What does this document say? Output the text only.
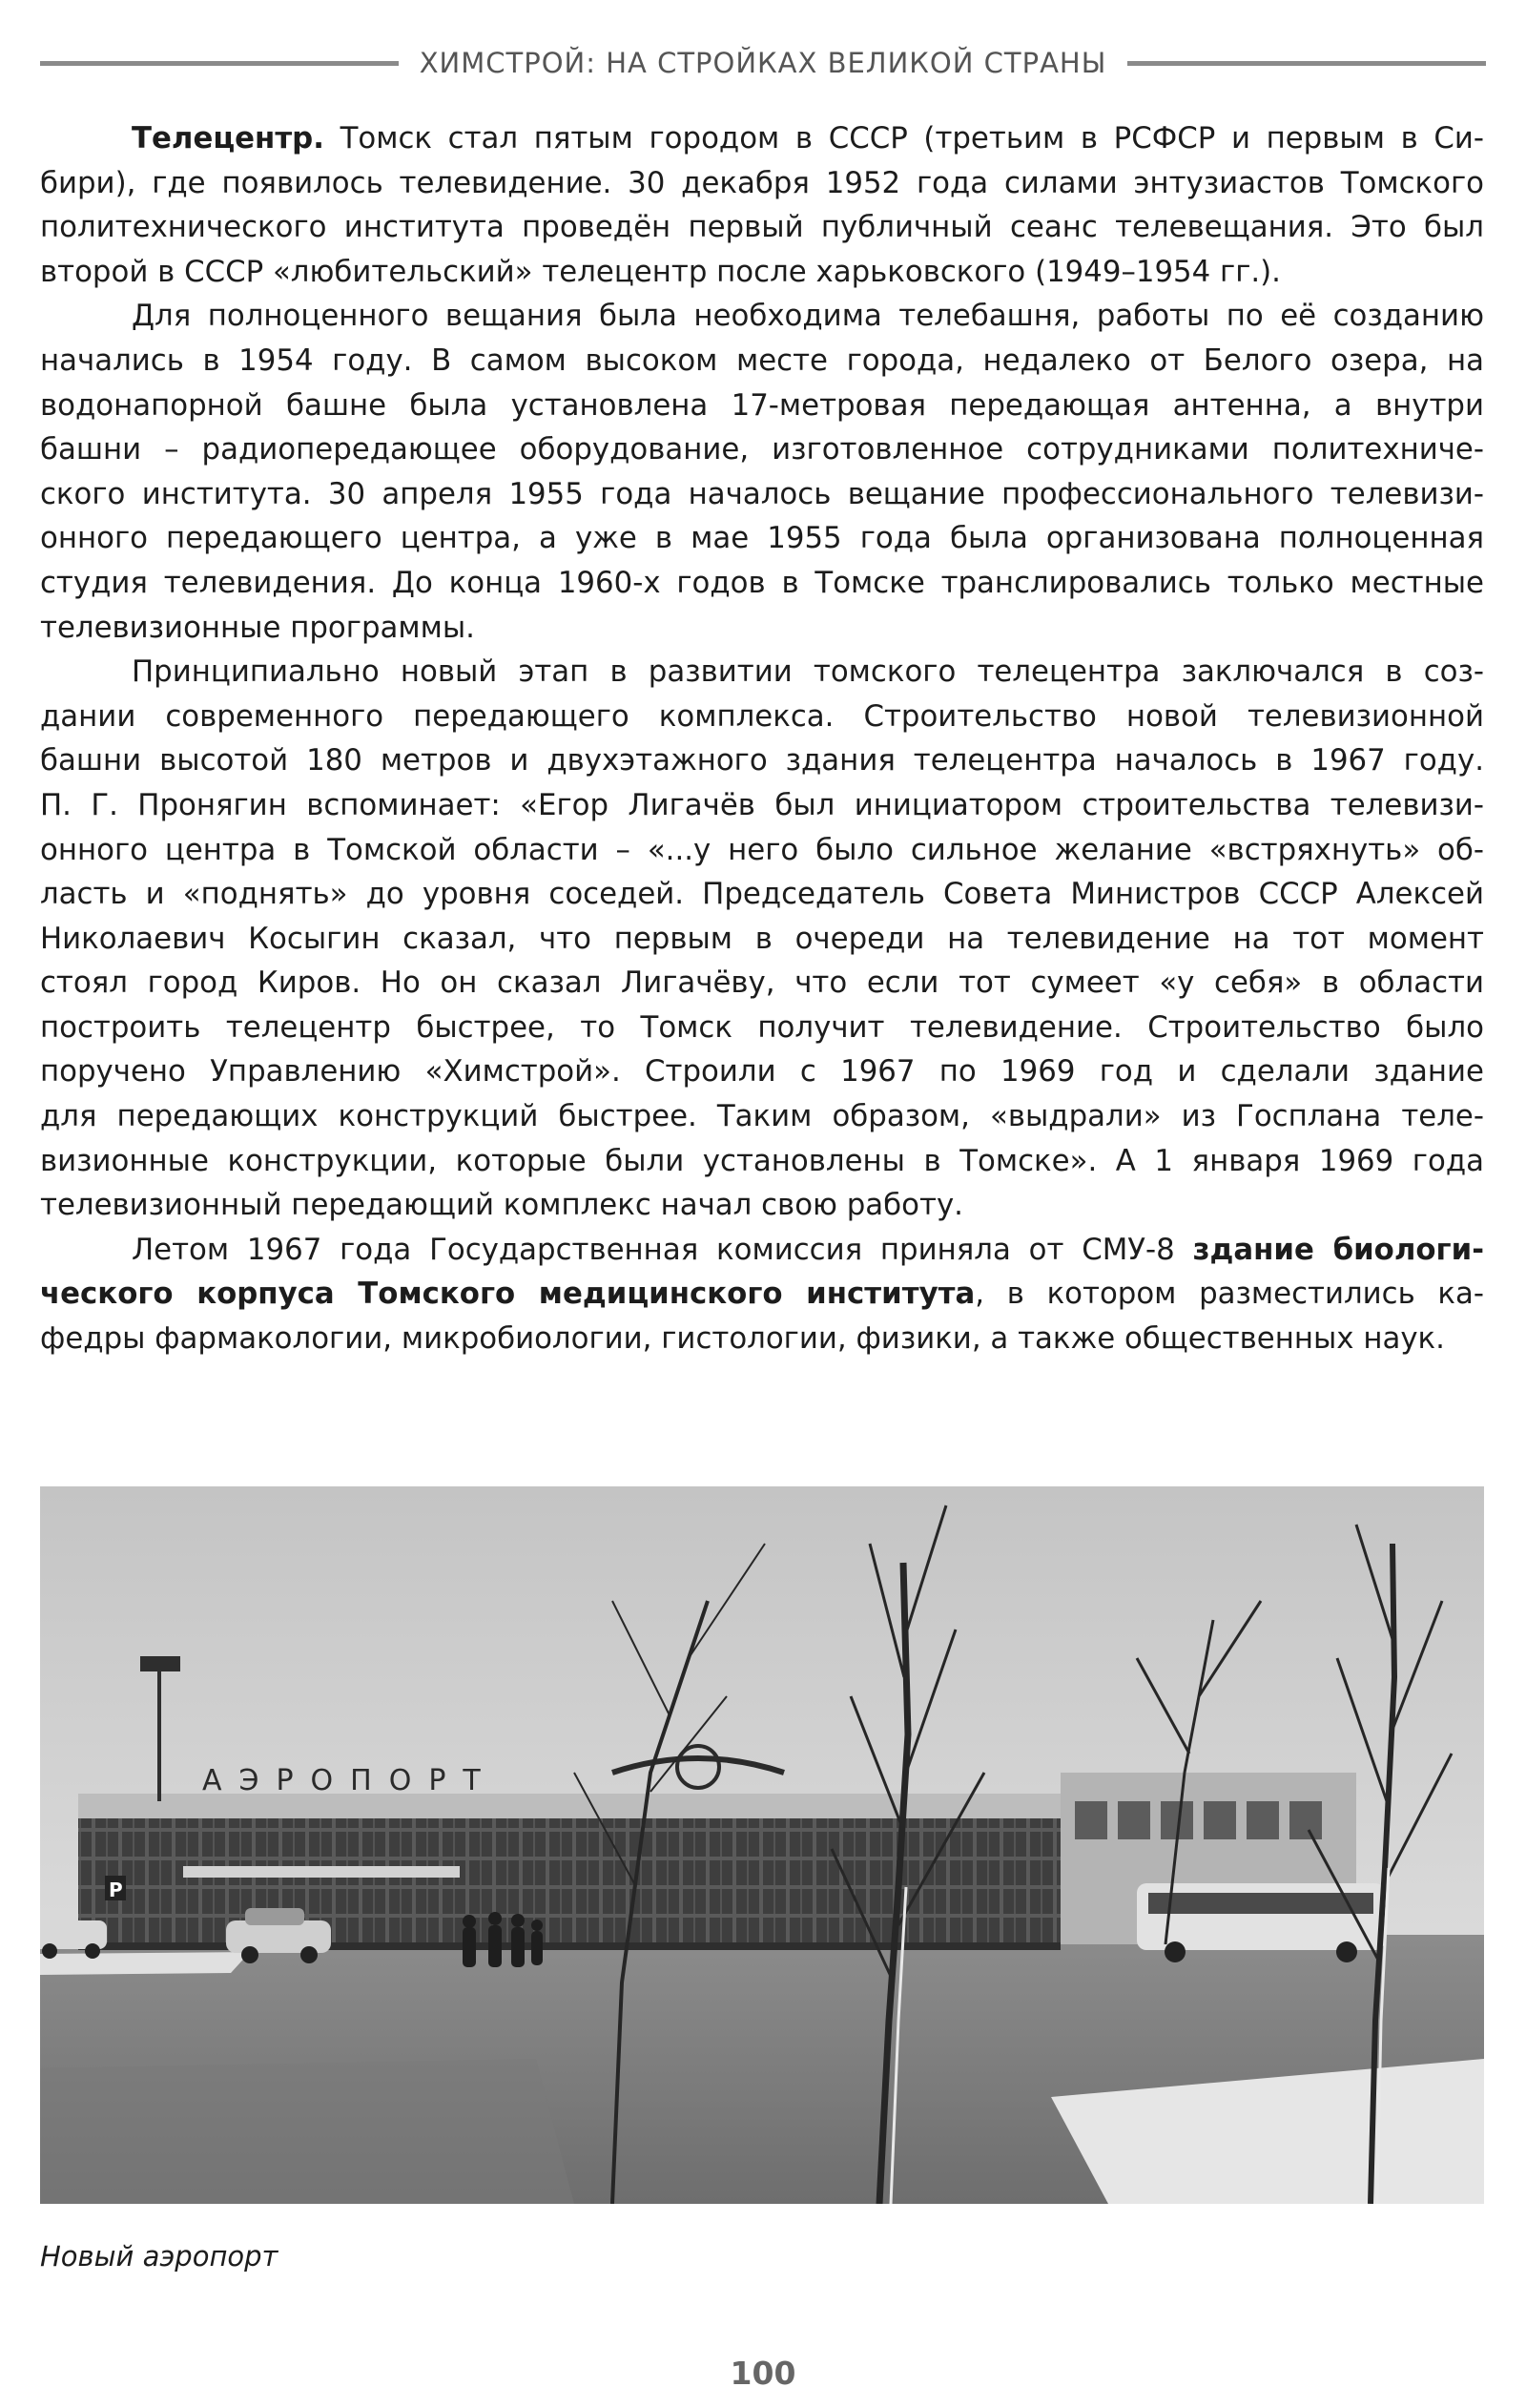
ХИМСТРОЙ: НА СТРОЙКАХ ВЕЛИКОЙ СТРАНЫ
Телецентр. Томск стал пятым городом в СССР (третьим в РСФСР и первым в Си-
бири), где появилось телевидение. 30 декабря 1952 года силами энтузиастов Томского
политехнического института проведён первый публичный сеанс телевещания. Это был
второй в СССР «любительский» телецентр после харьковского (1949–1954 гг.).
Для полноценного вещания была необходима телебашня, работы по её созданию
начались в 1954 году. В самом высоком месте города, недалеко от Белого озера, на
водонапорной башне была установлена 17-метровая передающая антенна, а внутри
башни – радиопередающее оборудование, изготовленное сотрудниками политехниче-
ского института. 30 апреля 1955 года началось вещание профессионального телевизи-
онного передающего центра, а уже в мае 1955 года была организована полноценная
студия телевидения. До конца 1960-х годов в Томске транслировались только местные
телевизионные программы.
Принципиально новый этап в развитии томского телецентра заключался в соз-
дании современного передающего комплекса. Строительство новой телевизионной
башни высотой 180 метров и двухэтажного здания телецентра началось в 1967 году.
П. Г. Пронягин вспоминает: «Егор Лигачёв был инициатором строительства телевизи-
онного центра в Томской области – «...у него было сильное желание «встряхнуть» об-
ласть и «поднять» до уровня соседей. Председатель Совета Министров СССР Алексей
Николаевич Косыгин сказал, что первым в очереди на телевидение на тот момент
стоял город Киров. Но он сказал Лигачёву, что если тот сумеет «у себя» в области
построить телецентр быстрее, то Томск получит телевидение. Строительство было
поручено Управлению «Химстрой». Строили с 1967 по 1969 год и сделали здание
для передающих конструкций быстрее. Таким образом, «выдрали» из Госплана теле-
визионные конструкции, которые были установлены в Томске». А 1 января 1969 года
телевизионный передающий комплекс начал свою работу.
Летом 1967 года Государственная комиссия приняла от СМУ-8 здание биологи-
ческого корпуса Томского медицинского института, в котором разместились ка-
федры фармакологии, микробиологии, гистологии, физики, а также общественных наук.
АЭРОПОРТ
P
Новый аэропорт
100
